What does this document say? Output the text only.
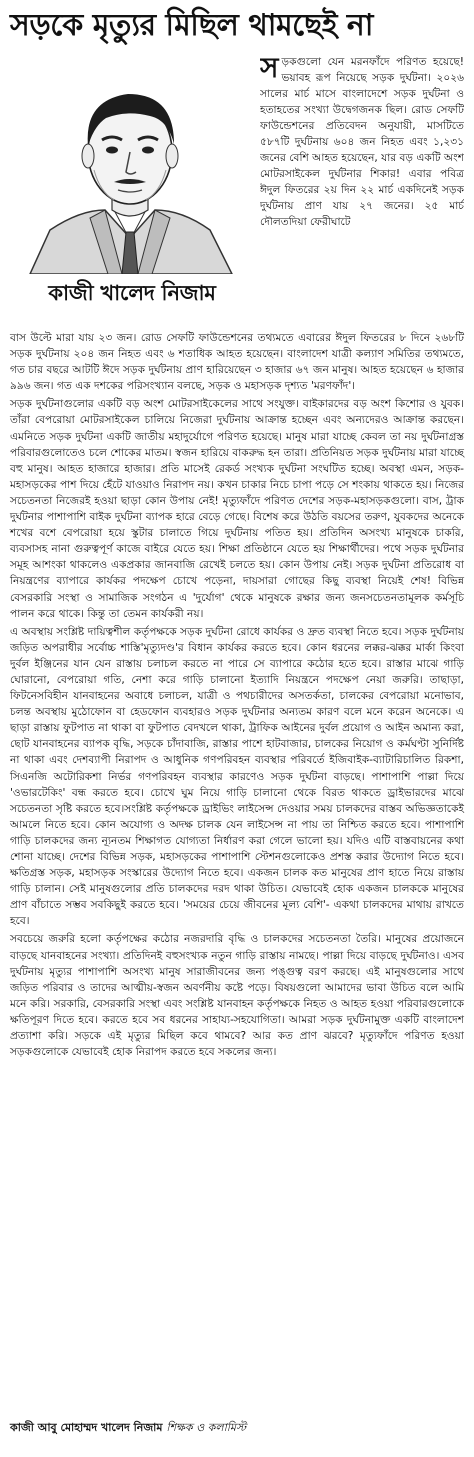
সড়কে মৃত্যুর মিছিল থামছেই না
কাজী খালেদ নিজাম

সড়কগুলো যেন মরনফাঁদে পরিণত হয়েছে! ভয়াবহ রূপ নিয়েছে সড়ক দুর্ঘটনা। ২০২৬ সালের মার্চ মাসে বাংলাদেশে সড়ক দুর্ঘটনা ও হতাহতের সংখ্যা উদ্বেগজনক ছিল। রোড সেফটি ফাউন্ডেশনের প্রতিবেদন অনুযায়ী, মাসটিতে ৫৮৭টি দুর্ঘটনায় ৬০৪ জন নিহত এবং ১,২৩১ জনের বেশি আহত হয়েছেন, যার বড় একটি অংশ মোটরসাইকেল দুর্ঘটনার শিকার! এবার পবিত্র ঈদুল ফিতরের ২য় দিন ২২ মার্চ একদিনেই সড়ক দুর্ঘটনায় প্রাণ যায় ২৭ জনের। ২৫ মার্চ দৌলতদিয়া ফেরীঘাটে

বাস উল্টে মারা যায় ২৩ জন। রোড সেফটি ফাউন্ডেশনের তথ্যমতে এবারের ঈদুল ফিতরের ৮ দিনে ২৬৮টি সড়ক দুর্ঘটনায় ২০৪ জন নিহত এবং ৬ শতাধিক আহত হয়েছেন। বাংলাদেশ যাত্রী কল্যাণ সমিতির তথ্যমতে, গত চার বছরে আটটি ঈদে সড়ক দুর্ঘটনায় প্রাণ হারিয়েছেন ৩ হাজার ৬৭ জন মানুষ। আহত হয়েছেন ৬ হাজার ৯৯৬ জন। গত এক দশকের পরিসংখ্যান বলছে, সড়ক ও মহাসড়ক দৃশ্যত 'মরণফাঁদ'।

সড়ক দুর্ঘটনাগুলোর একটি বড় অংশ মোটরসাইকেলের সাথে সংযুক্ত। বাইকারদের বড় অংশ কিশোর ও যুবক। তাঁরা বেপরোয়া মোটরসাইকেল চালিয়ে নিজেরা দুর্ঘটনায় আক্রান্ত হচ্ছেন এবং অন্যদেরও আক্রান্ত করছেন। এমনিতে সড়ক দুর্ঘটনা একটি জাতীয় মহাদুর্যোগে পরিণত হয়েছে। মানুষ মারা যাচ্ছে কেবল তা নয় দুর্ঘটনাগ্রস্ত পরিবারগুলোতেও চলে শোকের মাতম। স্বজন হারিয়ে বাকরুদ্ধ হন তারা। প্রতিনিয়ত সড়ক দুর্ঘটনায় মারা যাচ্ছে বহু মানুষ। আহত হাজারে হাজার। প্রতি মাসেই রেকর্ড সংখ্যক দুর্ঘটনা সংঘটিত হচ্ছে। অবস্থা এমন, সড়ক-মহাসড়কের পাশ দিয়ে হেঁটে যাওয়াও নিরাপদ নয়। কখন চাকার নিচে চাপা পড়ে সে শংকায় থাকতে হয়। নিজের সচেতনতা নিজেরই হওয়া ছাড়া কোন উপায় নেই! মৃত্যুফাঁদে পরিণত দেশের সড়ক-মহাসড়কগুলো। বাস, ট্রাক দুর্ঘটনার পাশাপাশি বাইক দুর্ঘটনা ব্যাপক হারে বেড়ে গেছে। বিশেষ করে উঠতি বয়সের তরুণ, যুবকদের অনেকে শখের বশে বেপরোয়া হয়ে স্কুটার চালাতে গিয়ে দুর্ঘটনায় পতিত হয়। প্রতিদিন অসংখ্য মানুষকে চাকরি, ব্যবসাসহ নানা গুরুত্বপূর্ণ কাজে বাইরে যেতে হয়। শিক্ষা প্রতিষ্ঠানে যেতে হয় শিক্ষার্থীদের। পথে সড়ক দুর্ঘটনার সমূহ আশংকা থাকলেও একপ্রকার জানবাজি রেখেই চলতে হয়। কোন উপায় নেই। সড়ক দুর্ঘটনা প্রতিরোধ বা নিয়ন্ত্রণের ব্যাপারে কার্যকর পদক্ষেপ চোখে পড়েনা, দায়সারা গোছের কিছু ব্যবস্থা নিয়েই শেষ! বিভিন্ন বেসরকারি সংস্থা ও সামাজিক সংগঠন এ 'দুর্যোগ' থেকে মানুষকে রক্ষার জন্য জনসচেতনতামূলক কর্মসূচি পালন করে থাকে। কিন্তু তা তেমন কার্যকরী নয়।

এ অবস্থায় সংশ্লিষ্ট দায়িত্বশীল কর্তৃপক্ষকে সড়ক দুর্ঘটনা রোধে কার্যকর ও দ্রুত ব্যবস্থা নিতে হবে। সড়ক দুর্ঘটনায় জড়িত অপরাধীর সর্বোচ্চ শাস্তি'মৃত্যুদণ্ড'র বিধান কার্যকর করতে হবে। কোন ধরনের লক্কর-ঝক্কর মার্কা কিংবা দুর্বল ইঞ্জিনের যান যেন রাস্তায় চলাচল করতে না পারে সে ব্যাপারে কঠোর হতে হবে। রাস্তার মাঝে গাড়ি ঘোরানো, বেপরোয়া গতি, নেশা করে গাড়ি চালানো ইত্যাদি নিয়ন্ত্রনে পদক্ষেপ নেয়া জরুরি। তাছাড়া, ফিটনেসবিহীন যানবাহনের অবাধে চলাচল, যাত্রী ও পথচারীদের অসতর্কতা, চালকের বেপরোয়া মনোভাব, চলন্ত অবস্থায় মুঠোফোন বা হেডফোন ব্যবহারও সড়ক দুর্ঘটনার অন্যতম কারণ বলে মনে করেন অনেকে। এ ছাড়া রাস্তায় ফুটপাত না থাকা বা ফুটপাত বেদখলে থাকা, ট্রাফিক আইনের দুর্বল প্রয়োগ ও আইন অমান্য করা, ছোট যানবাহনের ব্যাপক বৃদ্ধি, সড়কে চাঁদাবাজি, রাস্তার পাশে হাটবাজার, চালকের নিয়োগ ও কর্মঘণ্টা সুনির্দিষ্ট না থাকা এবং দেশব্যাপী নিরাপদ ও আধুনিক গণপরিবহন ব্যবস্থার পরিবর্তে ইজিবাইক-ব্যাটারিচালিত রিকশা, সিএনজি অটোরিকশা নির্ভর গণপরিবহন ব্যবস্থার কারণেও সড়ক দুর্ঘটনা বাড়ছে। পাশাপাশি পাল্লা দিয়ে 'ওভারটেকিং' বন্ধ করতে হবে। চোখে ঘুম নিয়ে গাড়ি চালানো থেকে বিরত থাকতে ড্রাইভারদের মাঝে সচেতনতা সৃষ্টি করতে হবে।সংশ্লিষ্ট কর্তৃপক্ষকে ড্রাইভিং লাইসেন্স দেওয়ার সময় চালকদের বাস্তব অভিজ্ঞতাকেই আমলে নিতে হবে। কোন অযোগ্য ও অদক্ষ চালক যেন লাইসেন্স না পায় তা নিশ্চিত করতে হবে। পাশাপাশি গাড়ি চালকদের জন্য ন্যূনতম শিক্ষাগত যোগ্যতা নির্ধারণ করা গেলে ভালো হয়। যদিও এটি বাস্তবায়নের কথা শোনা যাচ্ছে। দেশের বিভিন্ন সড়ক, মহাসড়কের পাশাপাশি স্টেশনগুলোকেও প্রশস্ত করার উদ্যোগ নিতে হবে। ক্ষতিগ্রস্ত সড়ক, মহাসড়ক সংস্কারের উদ্যোগ নিতে হবে। একজন চালক কত মানুষের প্রাণ হাতে নিয়ে রাস্তায় গাড়ি চালান। সেই মানুষগুলোর প্রতি চালকদের দরদ থাকা উচিত। যেভাবেই হোক একজন চালককে মানুষের প্রাণ বাঁচাতে সম্ভব সবকিছুই করতে হবে। 'সময়ের চেয়ে জীবনের মূল্য বেশি'- একথা চালকদের মাথায় রাখতে হবে।

সবচেয়ে জরুরি হলো কর্তৃপক্ষের কঠোর নজরদারি বৃদ্ধি ও চালকদের সচেতনতা তৈরি। মানুষের প্রয়োজনে বাড়ছে যানবাহনের সংখ্যা। প্রতিদিনই বহুসংখ্যক নতুন গাড়ি রাস্তায় নামছে। পাল্লা দিয়ে বাড়ছে দুর্ঘটনাও। এসব দুর্ঘটনায় মৃত্যুর পাশাপাশি অসংখ্য মানুষ সারাজীবনের জন্য পঙ্গুত্ব বরণ করছে। এই মানুষগুলোর সাথে জড়িত পরিবার ও তাদের আত্মীয়-স্বজন অবর্ণনীয় কষ্টে পড়ে। বিষয়গুলো আমাদের ভাবা উচিত বলে আমি মনে করি। সরকারি, বেসরকারি সংস্থা এবং সংশ্লিষ্ট যানবাহন কর্তৃপক্ষকে নিহত ও আহত হওয়া পরিবারগুলোকে ক্ষতিপূরণ দিতে হবে। করতে হবে সব ধরনের সাহায্য-সহযোগিতা। আমরা সড়ক দুর্ঘটনামুক্ত একটি বাংলাদেশ প্রত্যাশা করি। সড়কে এই মৃত্যুর মিছিল কবে থামবে? আর কত প্রাণ ঝরবে? মৃত্যুফাঁদে পরিণত হওয়া সড়কগুলোকে যেভাবেই হোক নিরাপদ করতে হবে সকলের জন্য।

কাজী আবু মোহাম্মদ খালেদ নিজাম শিক্ষক ও কলামিস্ট
